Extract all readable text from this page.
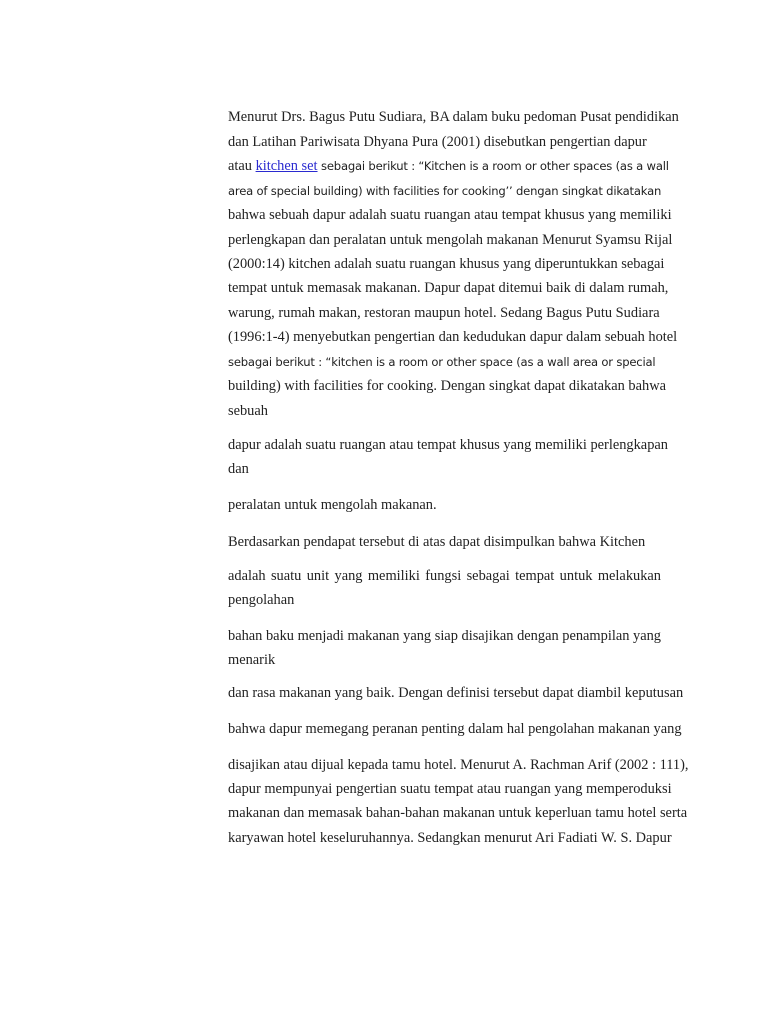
Menurut Drs. Bagus Putu Sudiara, BA dalam buku pedoman Pusat pendidikan
dan Latihan Pariwisata Dhyana Pura (2001) disebutkan pengertian dapur
atau kitchen set sebagai berikut : “Kitchen is a room or other spaces (as a wall
area of special building) with facilities for cooking’’ dengan singkat dikatakan
bahwa sebuah dapur adalah suatu ruangan atau tempat khusus yang memiliki
perlengkapan dan peralatan untuk mengolah makanan Menurut Syamsu Rijal
(2000:14) kitchen adalah suatu ruangan khusus yang diperuntukkan sebagai
tempat untuk memasak makanan. Dapur dapat ditemui baik di dalam rumah,
warung, rumah makan, restoran maupun hotel. Sedang Bagus Putu Sudiara
(1996:1-4) menyebutkan pengertian dan kedudukan dapur dalam sebuah hotel
sebagai berikut : “kitchen is a room or other space (as a wall area or special
building) with facilities for cooking. Dengan singkat dapat dikatakan bahwa
sebuah
dapur adalah suatu ruangan atau tempat khusus yang memiliki perlengkapan
dan
peralatan untuk mengolah makanan.
Berdasarkan pendapat tersebut di atas dapat disimpulkan bahwa Kitchen
adalah suatu unit yang memiliki fungsi sebagai tempat untuk melakukan
pengolahan
bahan baku menjadi makanan yang siap disajikan dengan penampilan yang
menarik
dan rasa makanan yang baik. Dengan definisi tersebut dapat diambil keputusan
bahwa dapur memegang peranan penting dalam hal pengolahan makanan yang
disajikan atau dijual kepada tamu hotel. Menurut A. Rachman Arif (2002 : 111),
dapur mempunyai pengertian suatu tempat atau ruangan yang memperoduksi
makanan dan memasak bahan-bahan makanan untuk keperluan tamu hotel serta
karyawan hotel keseluruhannya. Sedangkan menurut Ari Fadiati W. S. Dapur
